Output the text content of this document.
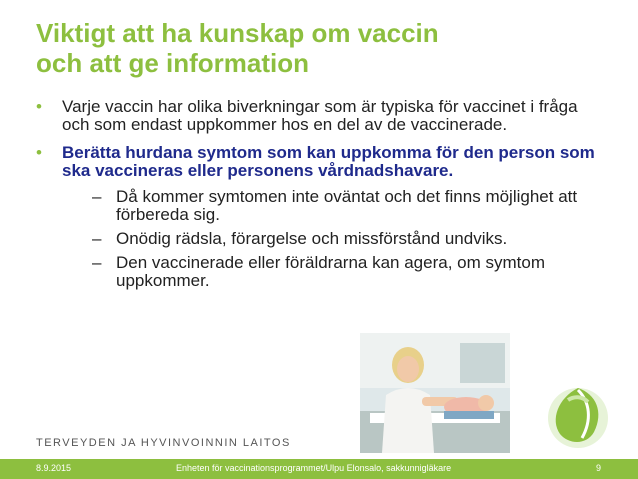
Viktigt att ha kunskap om vaccin
och att ge information
• Varje vaccin har olika biverkningar som är typiska för vaccinet i fråga och som endast uppkommer hos en del av de vaccinerade.
• Berätta hurdana symtom som kan uppkomma för den person som ska vaccineras eller personens vårdnadshavare.
– Då kommer symtomen inte oväntat och det finns möjlighet att förbereda sig.
– Onödig rädsla, förargelse och missförstånd undviks.
– Den vaccinerade eller föräldrarna kan agera, om symtom uppkommer.
TERVEYDEN JA HYVINVOINNIN LAITOS
8.9.2015	Enheten för vaccinationsprogrammet/Ulpu Elonsalo, sakkunnigläkare	9
